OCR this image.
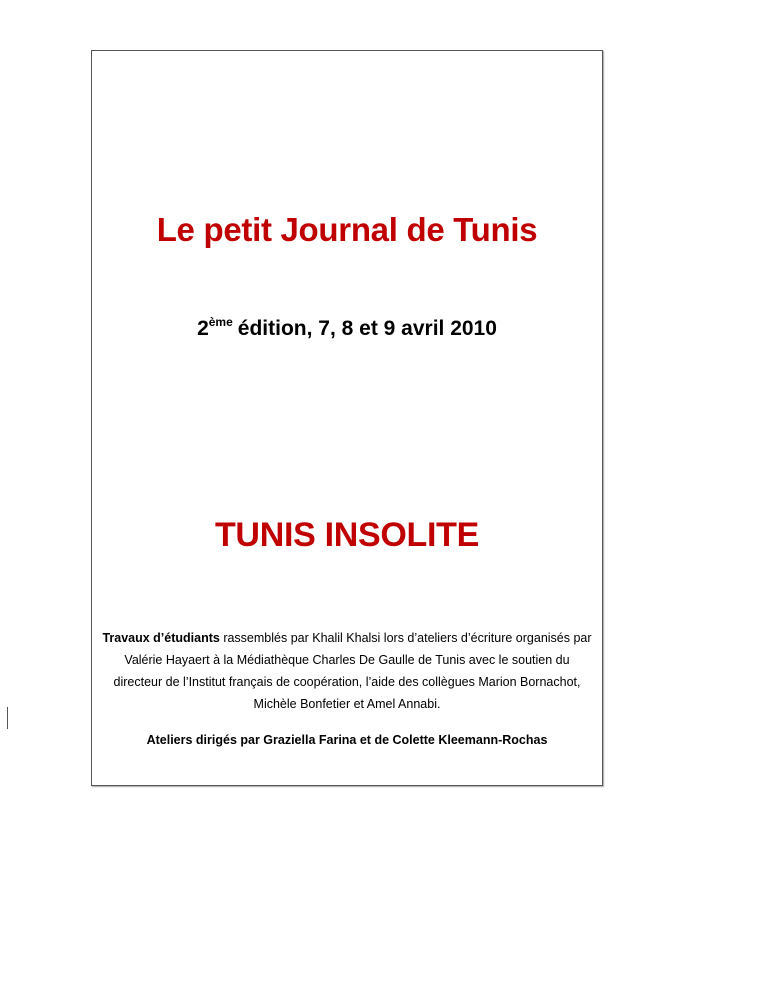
Le petit Journal de Tunis
2ème édition, 7, 8 et 9 avril 2010
TUNIS INSOLITE
Travaux d’étudiants rassemblés par Khalil Khalsi lors d’ateliers d’écriture organisés par Valérie Hayaert à la Médiathèque Charles De Gaulle de Tunis avec le soutien du directeur de l’Institut français de coopération, l’aide des collègues Marion Bornachot, Michèle Bonfetier et Amel Annabi.
Ateliers dirigés par Graziella Farina et de Colette Kleemann-Rochas
